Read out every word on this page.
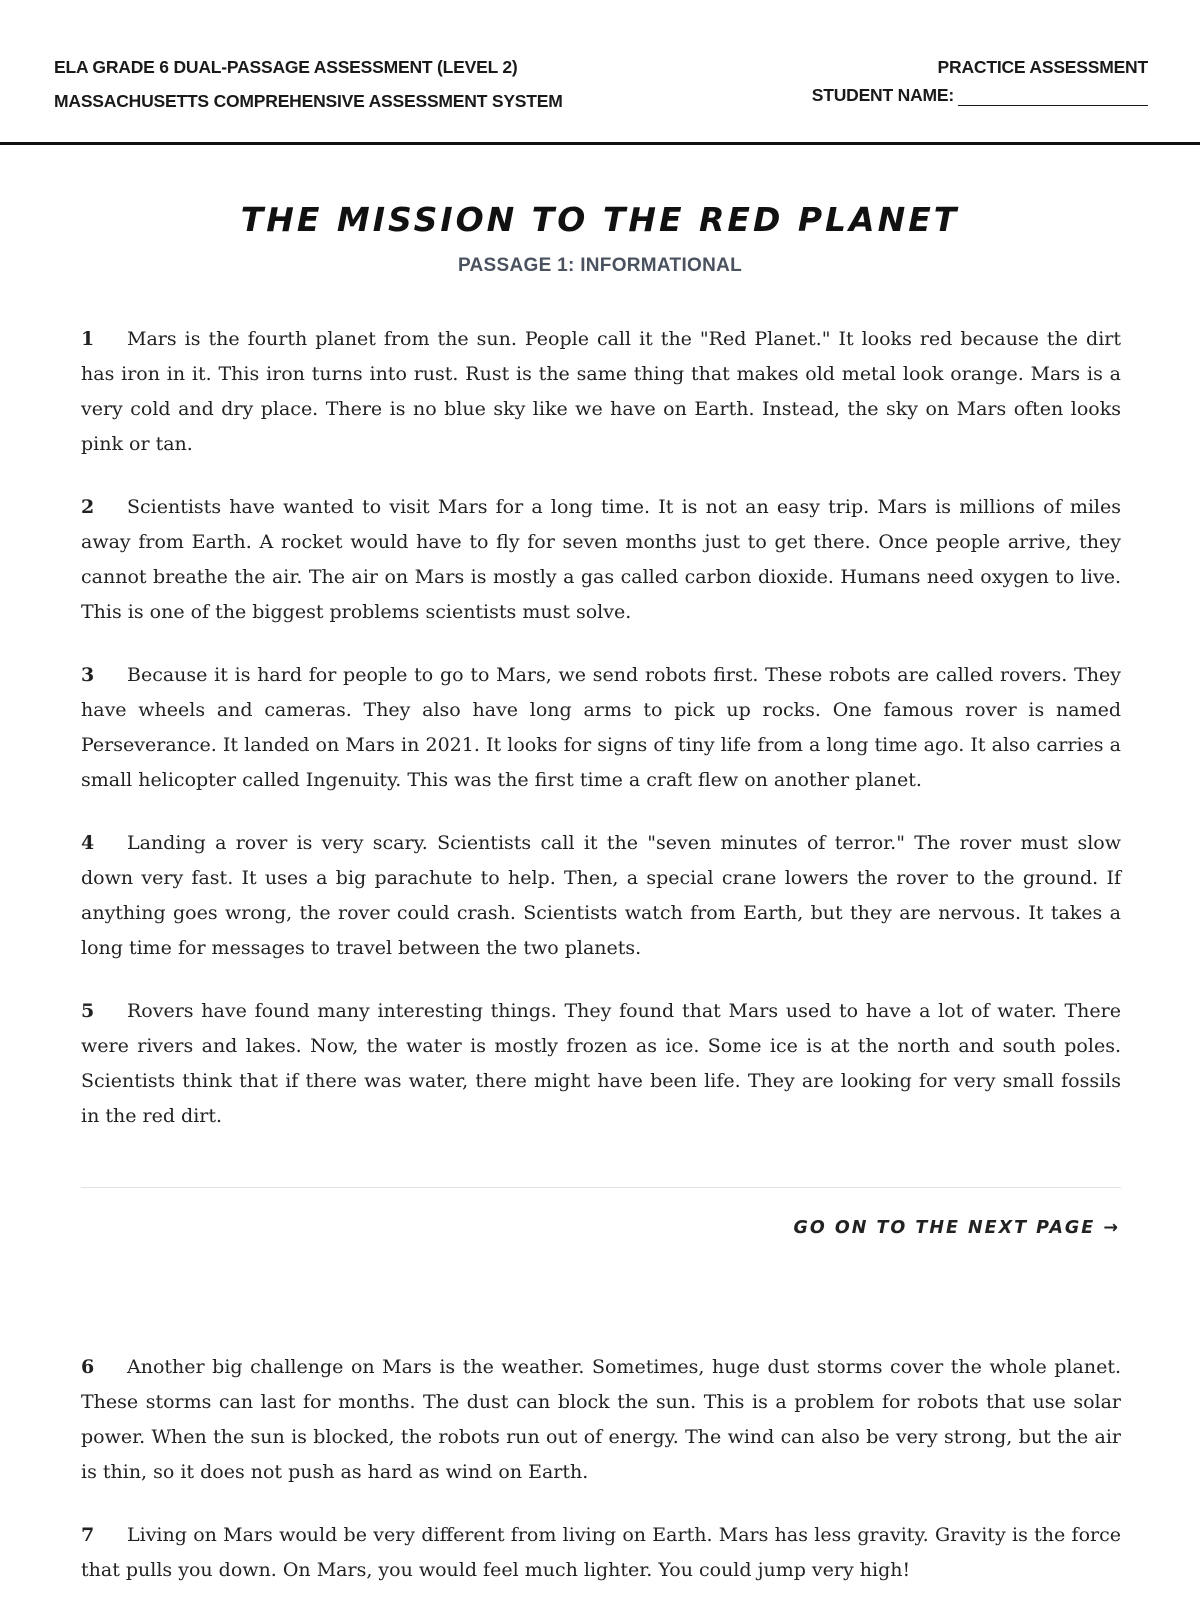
ELA GRADE 6 DUAL-PASSAGE ASSESSMENT (LEVEL 2)
MASSACHUSETTS COMPREHENSIVE ASSESSMENT SYSTEM
PRACTICE ASSESSMENT
STUDENT NAME:
THE MISSION TO THE RED PLANET
PASSAGE 1: INFORMATIONAL
1 Mars is the fourth planet from the sun. People call it the "Red Planet." It looks red because the dirt has iron in it. This iron turns into rust. Rust is the same thing that makes old metal look orange. Mars is a very cold and dry place. There is no blue sky like we have on Earth. Instead, the sky on Mars often looks pink or tan.
2 Scientists have wanted to visit Mars for a long time. It is not an easy trip. Mars is millions of miles away from Earth. A rocket would have to fly for seven months just to get there. Once people arrive, they cannot breathe the air. The air on Mars is mostly a gas called carbon dioxide. Humans need oxygen to live. This is one of the biggest problems scientists must solve.
3 Because it is hard for people to go to Mars, we send robots first. These robots are called rovers. They have wheels and cameras. They also have long arms to pick up rocks. One famous rover is named Perseverance. It landed on Mars in 2021. It looks for signs of tiny life from a long time ago. It also carries a small helicopter called Ingenuity. This was the first time a craft flew on another planet.
4 Landing a rover is very scary. Scientists call it the "seven minutes of terror." The rover must slow down very fast. It uses a big parachute to help. Then, a special crane lowers the rover to the ground. If anything goes wrong, the rover could crash. Scientists watch from Earth, but they are nervous. It takes a long time for messages to travel between the two planets.
5 Rovers have found many interesting things. They found that Mars used to have a lot of water. There were rivers and lakes. Now, the water is mostly frozen as ice. Some ice is at the north and south poles. Scientists think that if there was water, there might have been life. They are looking for very small fossils in the red dirt.
GO ON TO THE NEXT PAGE →
6 Another big challenge on Mars is the weather. Sometimes, huge dust storms cover the whole planet. These storms can last for months. The dust can block the sun. This is a problem for robots that use solar power. When the sun is blocked, the robots run out of energy. The wind can also be very strong, but the air is thin, so it does not push as hard as wind on Earth.
7 Living on Mars would be very different from living on Earth. Mars has less gravity. Gravity is the force that pulls you down. On Mars, you would feel much lighter. You could jump very high!
